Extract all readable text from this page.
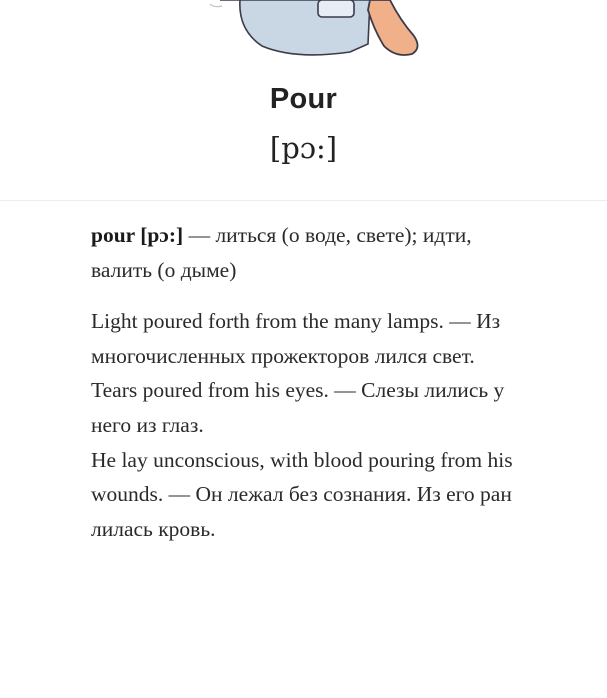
Pour
[pɔ:]

pour [pɔ:] — литься (о воде, свете); идти, валить (о дыме)

Light poured forth from the many lamps. — Из многочисленных прожекторов лился свет.

Tears poured from his eyes. — Слезы лились у него из глаз.

He lay unconscious, with blood pouring from his wounds. — Он лежал без сознания. Из его ран лилась кровь.
